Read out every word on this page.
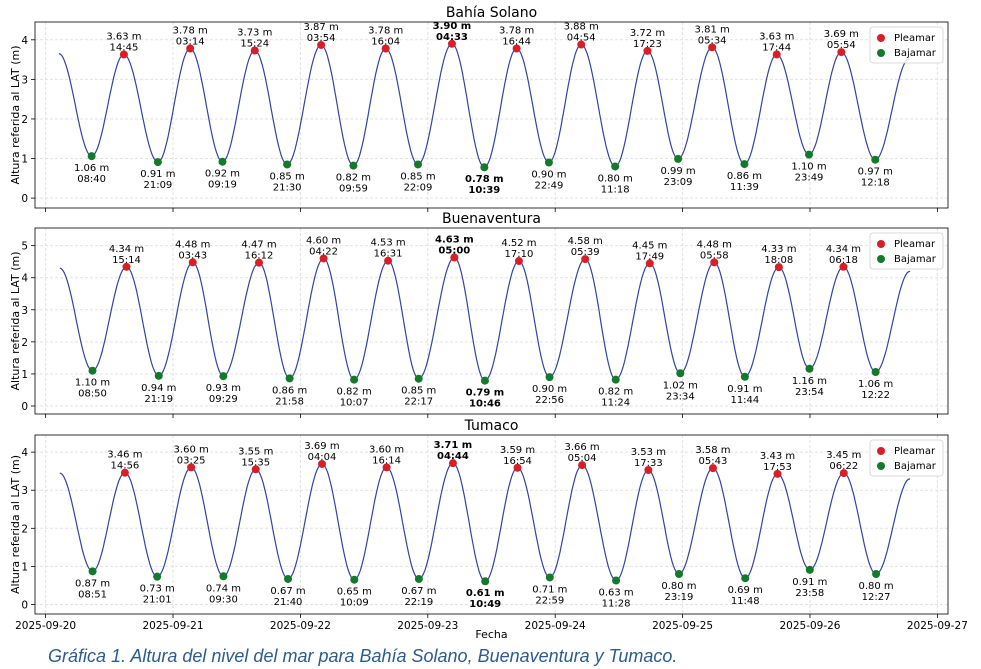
3.63 m
14:45
3.78 m
03:14
3.73 m
15:24
3.87 m
03:54
3.78 m
16:04
3.90 m
04:33
3.78 m
16:44
3.88 m
04:54	3.72 m
17:23
3.81 m
05:34	3.63 m
17:44
3.69 m
05:54
1.06 m
08:40	0.91 m
21:09
0.92 m
09:19
0.85 m
21:30
0.82 m
09:59
0.85 m
22:09
0.78 m
10:39
0.90 m
22:49
0.80 m
11:18
0.99 m
23:09
0.86 m
11:39
1.10 m
23:49
0.97 m
12:18
0
1
2
3
4
Bahía Solano
Altura referida al LAT (m)
Pleamar
Bajamar
4.34 m
15:14
4.48 m
03:43
4.47 m
16:12
4.60 m
04:22
4.53 m
16:31
4.63 m
05:00
4.52 m
17:10
4.58 m
05:39
4.45 m
17:49
4.48 m
05:58
4.33 m
18:08
4.34 m
06:18
1.10 m
08:50
0.94 m
21:19
0.93 m
09:29
0.86 m
21:58
0.82 m
10:07
0.85 m
22:17
0.79 m
10:46
0.90 m
22:56
0.82 m
11:24
1.02 m
23:34
0.91 m
11:44
1.16 m
23:54
1.06 m
12:22
0
1
2
3
4
5
Buenaventura
Altura referida al LAT (m)
Pleamar
Bajamar
3.46 m
14:56
3.60 m
03:25
3.55 m
15:35
3.69 m
04:04
3.60 m
16:14
3.71 m
04:44
3.59 m
16:54
3.66 m
05:04
3.53 m
17:33
3.58 m
05:43	3.43 m
17:53
3.45 m
06:22
0.87 m
08:51
0.73 m
21:01
0.74 m
09:30
0.67 m
21:40
0.65 m
10:09
0.67 m
22:19
0.61 m
10:49
0.71 m
22:59
0.63 m
11:28
0.80 m
23:19
0.69 m
11:48
0.91 m
23:58
0.80 m
12:27
0
1
2
3
4
2025-09-20	2025-09-21	2025-09-22	2025-09-23	2025-09-24	2025-09-25	2025-09-26	2025-09-27
Tumaco
Altura referida al LAT (m)
Fecha
Pleamar
Bajamar
Gráfica 1. Altura del nivel del mar para Bahía Solano, Buenaventura y Tumaco.
